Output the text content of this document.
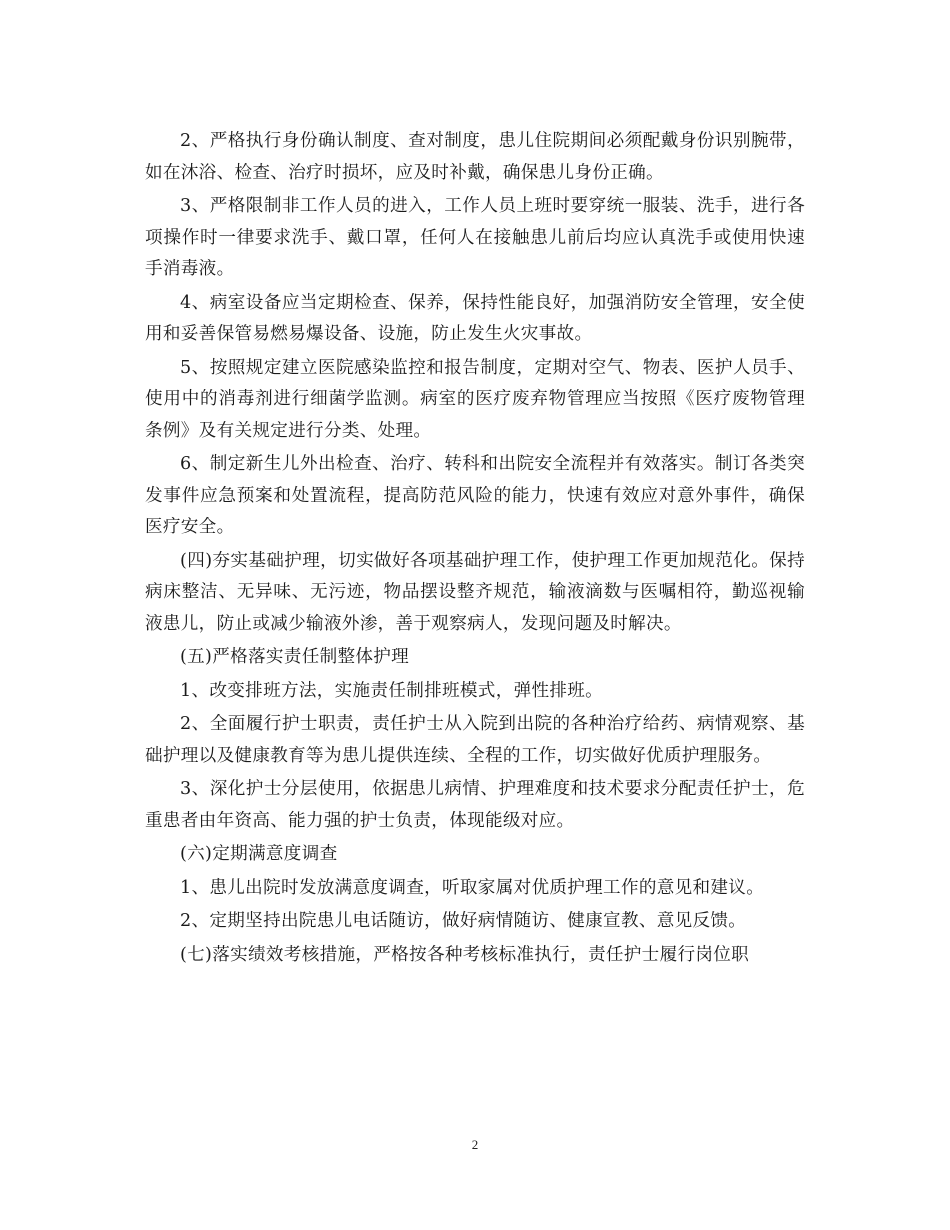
2、严格执行身份确认制度、查对制度，患儿住院期间必须配戴身份识别腕带，如在沐浴、检查、治疗时损坏，应及时补戴，确保患儿身份正确。

3、严格限制非工作人员的进入，工作人员上班时要穿统一服装、洗手，进行各项操作时一律要求洗手、戴口罩，任何人在接触患儿前后均应认真洗手或使用快速手消毒液。

4、病室设备应当定期检查、保养，保持性能良好，加强消防安全管理，安全使用和妥善保管易燃易爆设备、设施，防止发生火灾事故。

5、按照规定建立医院感染监控和报告制度，定期对空气、物表、医护人员手、使用中的消毒剂进行细菌学监测。病室的医疗废弃物管理应当按照《医疗废物管理条例》及有关规定进行分类、处理。

6、制定新生儿外出检查、治疗、转科和出院安全流程并有效落实。制订各类突发事件应急预案和处置流程，提高防范风险的能力，快速有效应对意外事件，确保医疗安全。

(四)夯实基础护理，切实做好各项基础护理工作，使护理工作更加规范化。保持病床整洁、无异味、无污迹，物品摆设整齐规范，输液滴数与医嘱相符，勤巡视输液患儿，防止或减少输液外渗，善于观察病人，发现问题及时解决。

(五)严格落实责任制整体护理

1、改变排班方法，实施责任制排班模式，弹性排班。

2、全面履行护士职责，责任护士从入院到出院的各种治疗给药、病情观察、基础护理以及健康教育等为患儿提供连续、全程的工作，切实做好优质护理服务。

3、深化护士分层使用，依据患儿病情、护理难度和技术要求分配责任护士，危重患者由年资高、能力强的护士负责，体现能级对应。

(六)定期满意度调查

1、患儿出院时发放满意度调查，听取家属对优质护理工作的意见和建议。

2、定期坚持出院患儿电话随访，做好病情随访、健康宣教、意见反馈。

(七)落实绩效考核措施，严格按各种考核标准执行，责任护士履行岗位职

2
